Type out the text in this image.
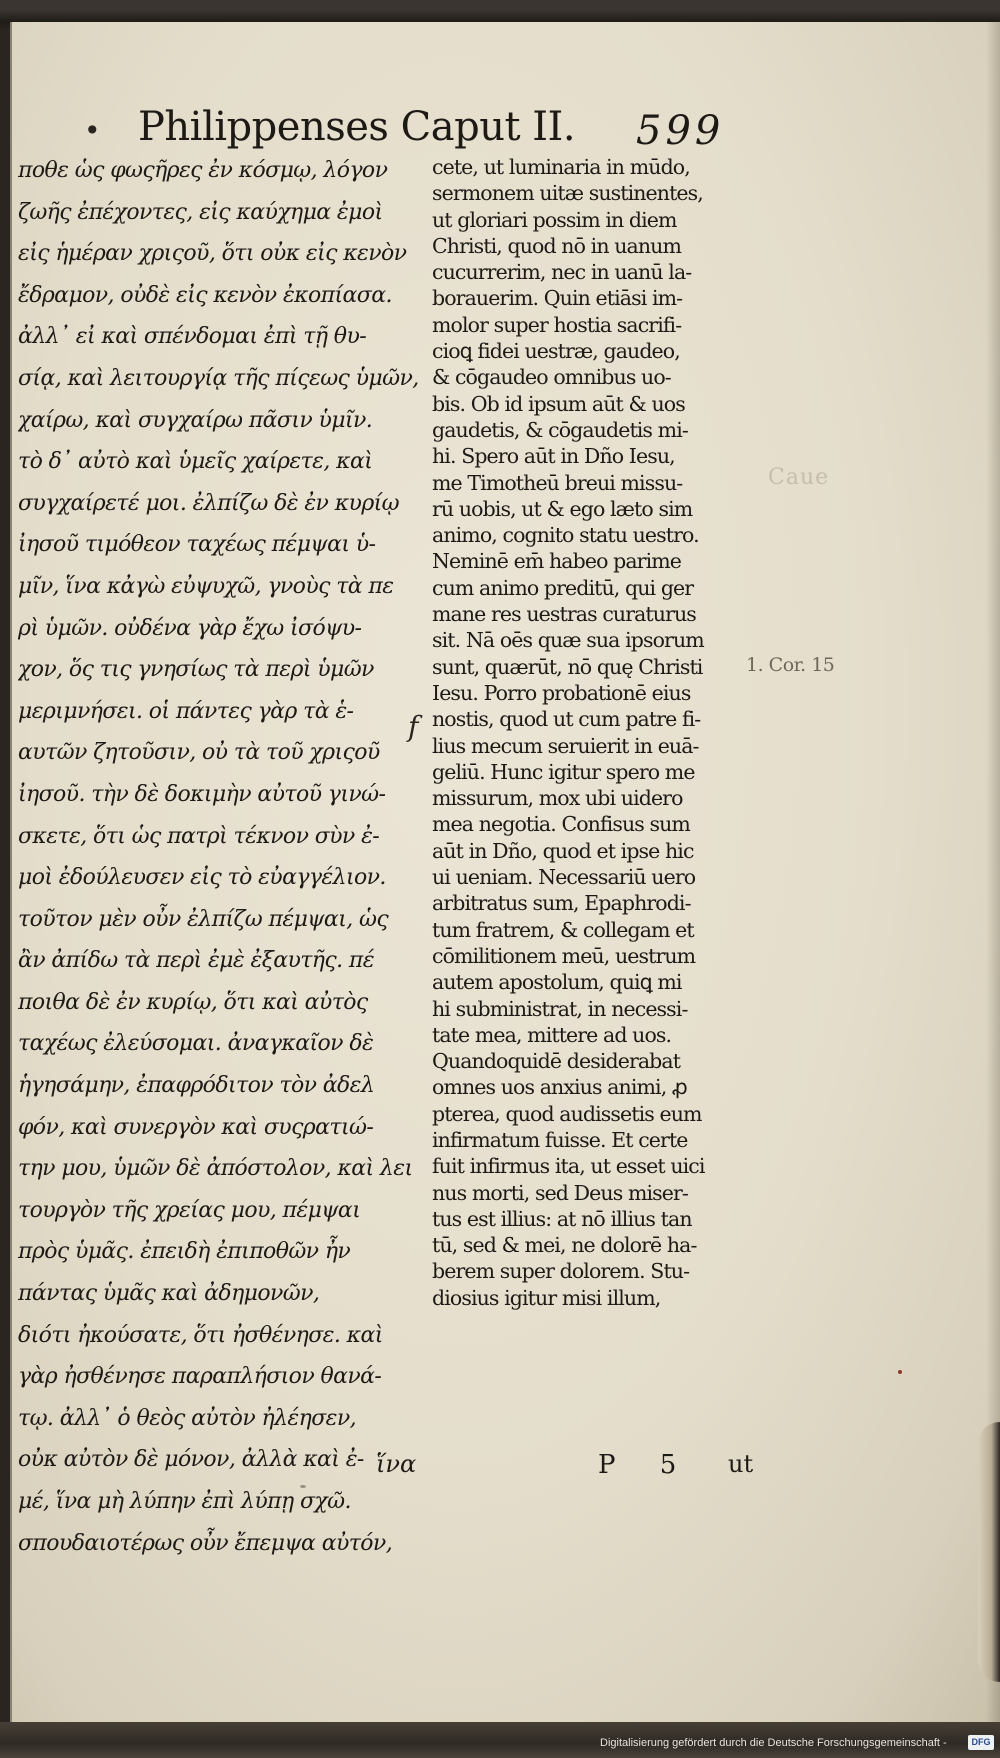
• Philippenses Caput II. 599
ποθε ὡς φωςῆρες ἐν κόσμῳ, λόγον
ζωῆς ἐπέχοντες, εἰς καύχημα ἐμοὶ
εἰς ἡμέραν χριςοῦ, ὅτι οὐκ εἰς κενὸν
ἔδραμον, οὐδὲ εἰς κενὸν ἐκοπίασα.
ἀλλ᾽ εἰ καὶ σπένδομαι ἐπὶ τῇ θυ-
σίᾳ, καὶ λειτουργίᾳ τῆς πίςεως ὑμῶν,
χαίρω, καὶ συγχαίρω πᾶσιν ὑμῖν.
τὸ δ᾽ αὐτὸ καὶ ὑμεῖς χαίρετε, καὶ
συγχαίρετέ μοι. ἐλπίζω δὲ ἐν κυρίῳ
ἰησοῦ τιμόθεον ταχέως πέμψαι ὑ-
μῖν, ἵνα κἀγὼ εὐψυχῶ, γνοὺς τὰ πε
ρὶ ὑμῶν. οὐδένα γὰρ ἔχω ἰσόψυ-
χον, ὅς τις γνησίως τὰ περὶ ὑμῶν
μεριμνήσει. οἱ πάντες γὰρ τὰ ἑ-
αυτῶν ζητοῦσιν, οὐ τὰ τοῦ χριςοῦ
ἰησοῦ. τὴν δὲ δοκιμὴν αὐτοῦ γινώ-
σκετε, ὅτι ὡς πατρὶ τέκνον σὺν ἐ-
μοὶ ἐδούλευσεν εἰς τὸ εὐαγγέλιον.
τοῦτον μὲν οὖν ἐλπίζω πέμψαι, ὡς
ἂν ἀπίδω τὰ περὶ ἐμὲ ἐξαυτῆς. πέ
ποιθα δὲ ἐν κυρίῳ, ὅτι καὶ αὐτὸς
ταχέως ἐλεύσομαι. ἀναγκαῖον δὲ
ἡγησάμην, ἐπαφρόδιτον τὸν ἀδελ
φόν, καὶ συνεργὸν καὶ συςρατιώ-
την μου, ὑμῶν δὲ ἀπόστολον, καὶ λει
τουργὸν τῆς χρείας μου, πέμψαι
πρὸς ὑμᾶς. ἐπειδὴ ἐπιποθῶν ἦν
πάντας ὑμᾶς καὶ ἀδημονῶν,
διότι ἠκούσατε, ὅτι ἠσθένησε. καὶ
γὰρ ἠσθένησε παραπλήσιον θανά-
τῳ. ἀλλ᾽ ὁ θεὸς αὐτὸν ἠλέησεν,
οὐκ αὐτὸν δὲ μόνον, ἀλλὰ καὶ ἐ-
μέ, ἵνα μὴ λύπην ἐπὶ λύπῃ σχῶ.
σπουδαιοτέρως οὖν ἔπεμψα αὐτόν,
cete, ut luminaria in mūdo,
sermonem uitæ sustinentes,
ut gloriari possim in diem
Christi, quod nō in uanum
cucurrerim, nec in uanū la-
borauerim. Quin etiāsi im-
molor super hostia sacrifi-
cioꝗ fidei uestræ, gaudeo,
& cōgaudeo omnibus uo-
bis. Ob id ipsum aūt & uos
gaudetis, & cōgaudetis mi-
hi. Spero aūt in Dño Iesu,
me Timotheū breui missu-
rū uobis, ut & ego læto sim
animo, cognito statu uestro.
Neminē em̄ habeo parime
cum animo preditū, qui ger
mane res uestras curaturus
sit. Nā oēs quæ sua ipsorum
sunt, quærūt, nō quę Christi
Iesu. Porro probationē eius
nostis, quod ut cum patre fi-
lius mecum seruierit in euā-
geliū. Hunc igitur spero me
missurum, mox ubi uidero
mea negotia. Confisus sum
aūt in Dño, quod et ipse hic
ui ueniam. Necessariū uero
arbitratus sum, Epaphrodi-
tum fratrem, & collegam et
cōmilitionem meū, uestrum
autem apostolum, quiꝗ mi
hi subministrat, in necessi-
tate mea, mittere ad uos.
Quandoquidē desiderabat
omnes uos anxius animi, ꝓ
pterea, quod audissetis eum
infirmatum fuisse. Et certe
fuit infirmus ita, ut esset uici
nus morti, sed Deus miser-
tus est illius: at nō illius tan
tū, sed & mei, ne dolorē ha-
berem super dolorem. Stu-
diosius igitur misi illum,
f
1. Cor. 15
Caue
ἵνα	P 5 ut
Digitalisierung gefördert durch die Deutsche Forschungsgemeinschaft -	DFG
